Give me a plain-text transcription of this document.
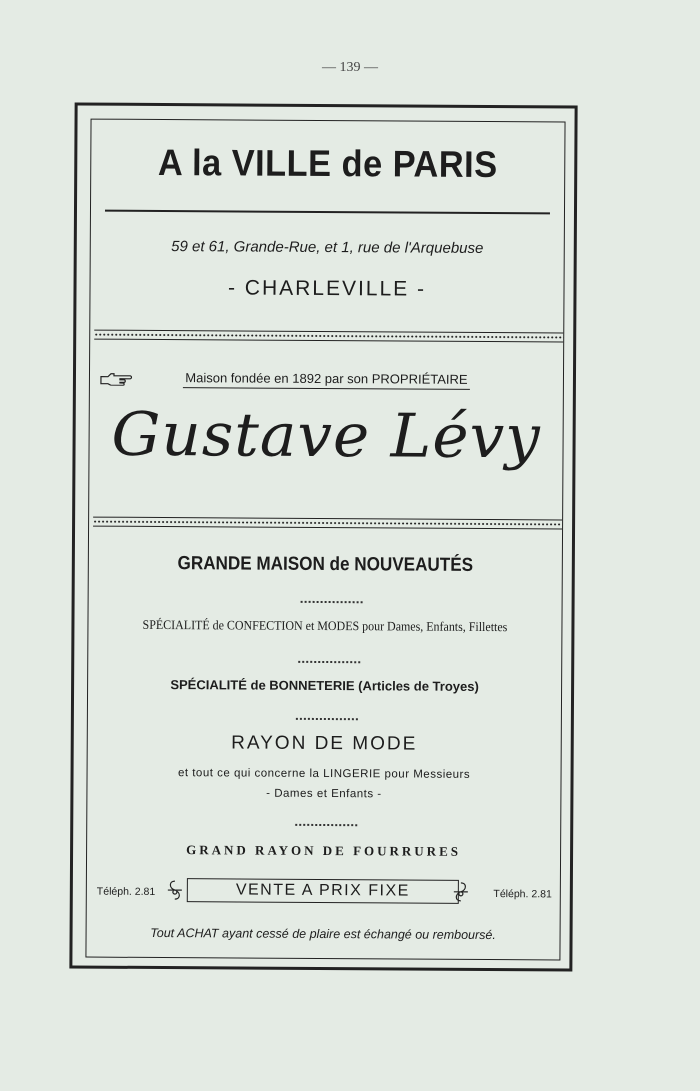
— 139 —
A la VILLE de PARIS
59 et 61, Grande-Rue, et 1, rue de l'Arquebuse
- CHARLEVILLE -
Maison fondée en 1892 par son PROPRIÉTAIRE
Gustave Lévy
GRANDE MAISON de NOUVEAUTÉS
SPÉCIALITÉ de CONFECTION et MODES pour Dames, Enfants, Fillettes
SPÉCIALITÉ de BONNETERIE (Articles de Troyes)
RAYON DE MODE
et tout ce qui concerne la LINGERIE pour Messieurs
- Dames et Enfants -
GRAND RAYON DE FOURRURES
Téléph. 2.81	VENTE A PRIX FIXE	Téléph. 2.81
Tout ACHAT ayant cessé de plaire est échangé ou remboursé.
